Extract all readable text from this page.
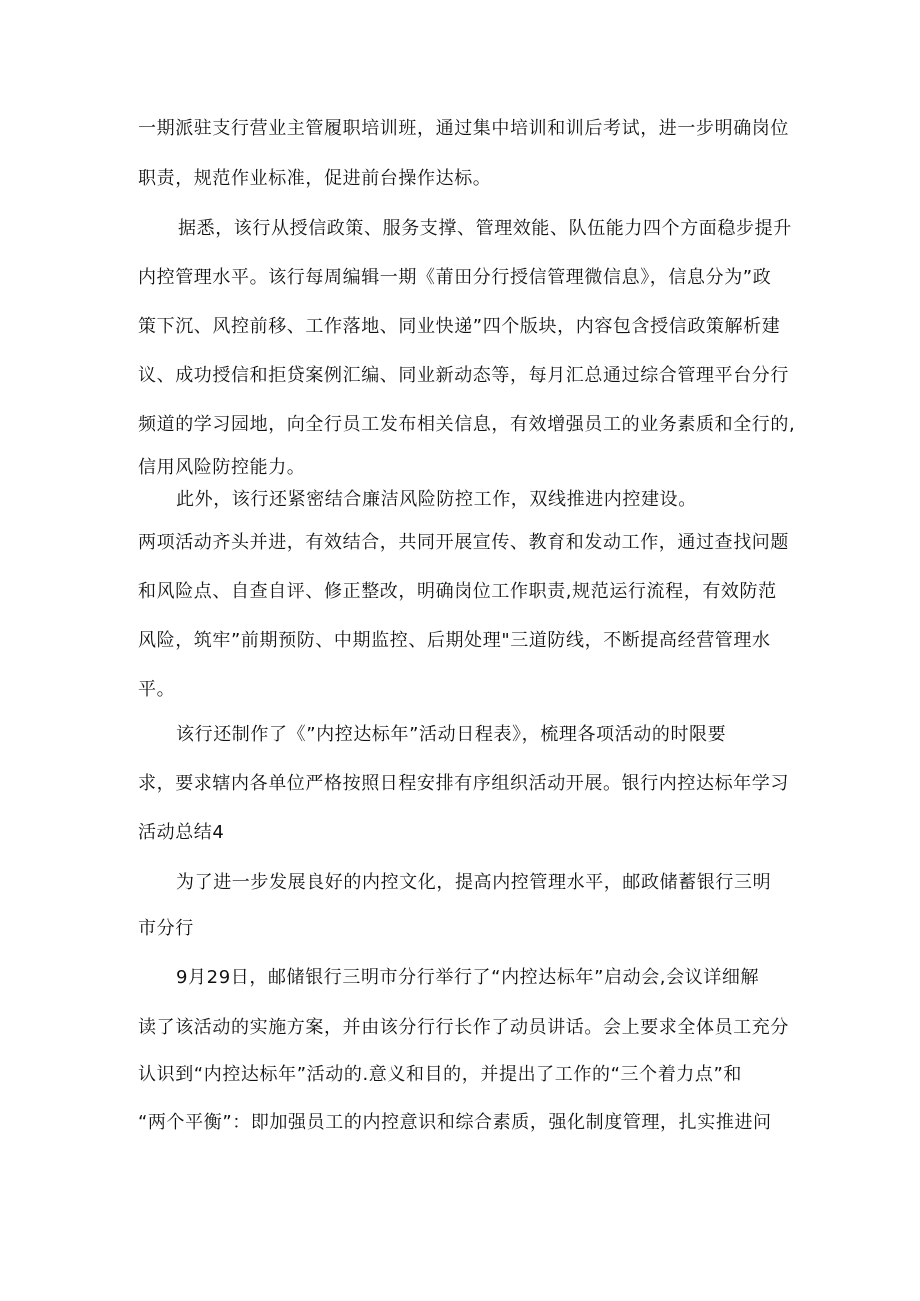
一期派驻支行营业主管履职培训班，通过集中培训和训后考试，进一步明确岗位
职责，规范作业标准，促进前台操作达标。
据悉，该行从授信政策、服务支撑、管理效能、队伍能力四个方面稳步提升
内控管理水平。该行每周编辑一期《莆田分行授信管理微信息》，信息分为”政
策下沉、风控前移、工作落地、同业快递”四个版块，内容包含授信政策解析建
议、成功授信和拒贷案例汇编、同业新动态等，每月汇总通过综合管理平台分行
频道的学习园地，向全行员工发布相关信息，有效增强员工的业务素质和全行的,
信用风险防控能力。
此外，该行还紧密结合廉洁风险防控工作，双线推进内控建设。
两项活动齐头并进，有效结合，共同开展宣传、教育和发动工作，通过查找问题
和风险点、自查自评、修正整改，明确岗位工作职责,规范运行流程，有效防范
风险，筑牢”前期预防、中期监控、后期处理"三道防线，不断提高经营管理水
平。
该行还制作了《”内控达标年”活动日程表》，梳理各项活动的时限要
求，要求辖内各单位严格按照日程安排有序组织活动开展。银行内控达标年学习
活动总结4
为了进一步发展良好的内控文化，提高内控管理水平，邮政储蓄银行三明
市分行
9月29日，邮储银行三明市分行举行了“内控达标年”启动会,会议详细解
读了该活动的实施方案，并由该分行行长作了动员讲话。会上要求全体员工充分
认识到“内控达标年”活动的.意义和目的，并提出了工作的“三个着力点”和
“两个平衡”：即加强员工的内控意识和综合素质，强化制度管理，扎实推进问
